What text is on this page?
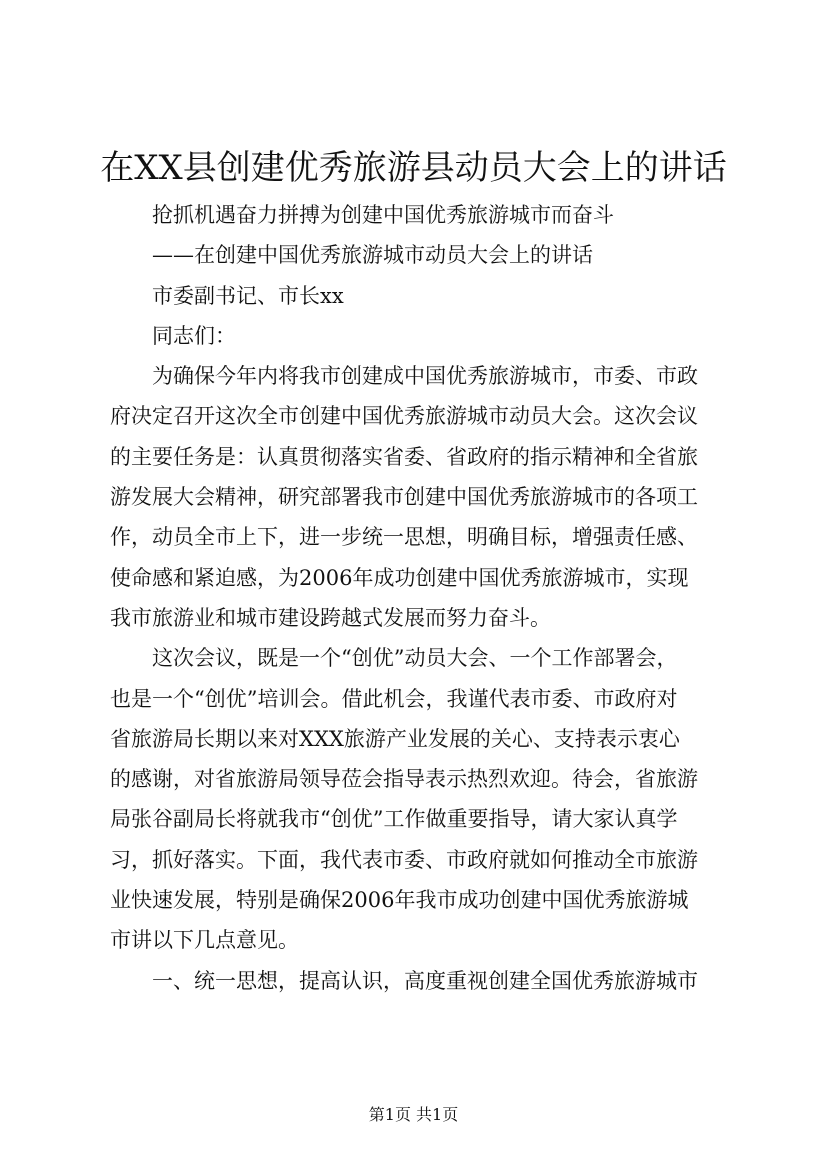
在XX县创建优秀旅游县动员大会上的讲话
抢抓机遇奋力拼搏为创建中国优秀旅游城市而奋斗
——在创建中国优秀旅游城市动员大会上的讲话
市委副书记、市长xx
同志们：
为确保今年内将我市创建成中国优秀旅游城市，市委、市政
府决定召开这次全市创建中国优秀旅游城市动员大会。这次会议
的主要任务是：认真贯彻落实省委、省政府的指示精神和全省旅
游发展大会精神，研究部署我市创建中国优秀旅游城市的各项工
作，动员全市上下，进一步统一思想，明确目标，增强责任感、
使命感和紧迫感，为2006年成功创建中国优秀旅游城市，实现
我市旅游业和城市建设跨越式发展而努力奋斗。
这次会议，既是一个“创优”动员大会、一个工作部署会，
也是一个“创优”培训会。借此机会，我谨代表市委、市政府对
省旅游局长期以来对XXX旅游产业发展的关心、支持表示衷心
的感谢，对省旅游局领导莅会指导表示热烈欢迎。待会，省旅游
局张谷副局长将就我市“创优”工作做重要指导，请大家认真学
习，抓好落实。下面，我代表市委、市政府就如何推动全市旅游
业快速发展，特别是确保2006年我市成功创建中国优秀旅游城
市讲以下几点意见。
一、统一思想，提高认识，高度重视创建全国优秀旅游城市
第1页 共1页
